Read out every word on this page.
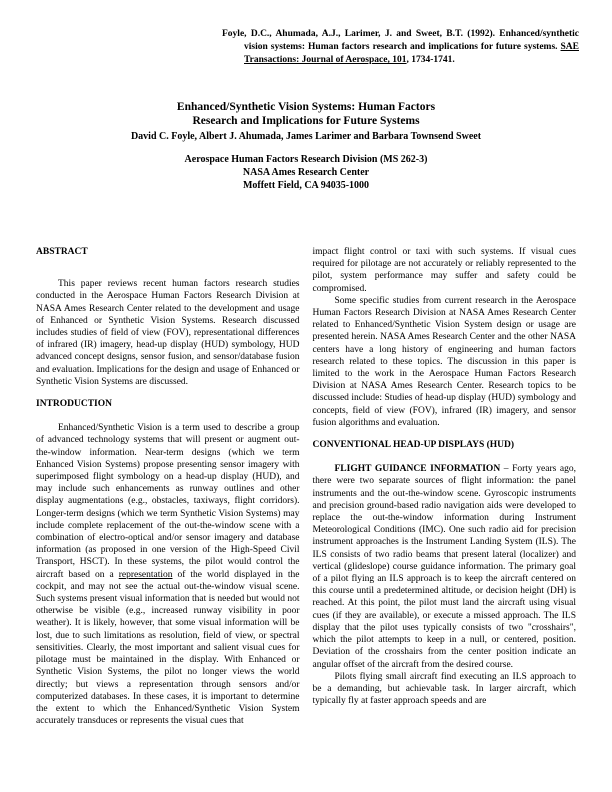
Foyle, D.C., Ahumada, A.J., Larimer, J. and Sweet, B.T. (1992). Enhanced/synthetic vision systems: Human factors research and implications for future systems. SAE Transactions: Journal of Aerospace, 101, 1734-1741.
Enhanced/Synthetic Vision Systems: Human Factors
Research and Implications for Future Systems
David C. Foyle, Albert J. Ahumada, James Larimer and Barbara Townsend Sweet
Aerospace Human Factors Research Division (MS 262-3)
NASA Ames Research Center
Moffett Field, CA 94035-1000
ABSTRACT

This paper reviews recent human factors research studies conducted in the Aerospace Human Factors Research Division at NASA Ames Research Center related to the development and usage of Enhanced or Synthetic Vision Systems. Research discussed includes studies of field of view (FOV), representational differences of infrared (IR) imagery, head-up display (HUD) symbology, HUD advanced concept designs, sensor fusion, and sensor/database fusion and evaluation. Implications for the design and usage of Enhanced or Synthetic Vision Systems are discussed.

INTRODUCTION

Enhanced/Synthetic Vision is a term used to describe a group of advanced technology systems that will present or augment out-the-window information. Near-term designs (which we term Enhanced Vision Systems) propose presenting sensor imagery with superimposed flight symbology on a head-up display (HUD), and may include such enhancements as runway outlines and other display augmentations (e.g., obstacles, taxiways, flight corridors). Longer-term designs (which we term Synthetic Vision Systems) may include complete replacement of the out-the-window scene with a combination of electro-optical and/or sensor imagery and database information (as proposed in one version of the High-Speed Civil Transport, HSCT). In these systems, the pilot would control the aircraft based on a representation of the world displayed in the cockpit, and may not see the actual out-the-window visual scene. Such systems present visual information that is needed but would not otherwise be visible (e.g., increased runway visibility in poor weather). It is likely, however, that some visual information will be lost, due to such limitations as resolution, field of view, or spectral sensitivities. Clearly, the most important and salient visual cues for pilotage must be maintained in the display. With Enhanced or Synthetic Vision Systems, the pilot no longer views the world directly; but views a representation through sensors and/or computerized databases. In these cases, it is important to determine the extent to which the Enhanced/Synthetic Vision System accurately transduces or represents the visual cues that

impact flight control or taxi with such systems. If visual cues required for pilotage are not accurately or reliably represented to the pilot, system performance may suffer and safety could be compromised.

Some specific studies from current research in the Aerospace Human Factors Research Division at NASA Ames Research Center related to Enhanced/Synthetic Vision System design or usage are presented herein. NASA Ames Research Center and the other NASA centers have a long history of engineering and human factors research related to these topics. The discussion in this paper is limited to the work in the Aerospace Human Factors Research Division at NASA Ames Research Center. Research topics to be discussed include: Studies of head-up display (HUD) symbology and concepts, field of view (FOV), infrared (IR) imagery, and sensor fusion algorithms and evaluation.

CONVENTIONAL HEAD-UP DISPLAYS (HUD)

FLIGHT GUIDANCE INFORMATION – Forty years ago, there were two separate sources of flight information: the panel instruments and the out-the-window scene. Gyroscopic instruments and precision ground-based radio navigation aids were developed to replace the out-the-window information during Instrument Meteorological Conditions (IMC). One such radio aid for precision instrument approaches is the Instrument Landing System (ILS). The ILS consists of two radio beams that present lateral (localizer) and vertical (glideslope) course guidance information. The primary goal of a pilot flying an ILS approach is to keep the aircraft centered on this course until a predetermined altitude, or decision height (DH) is reached. At this point, the pilot must land the aircraft using visual cues (if they are available), or execute a missed approach. The ILS display that the pilot uses typically consists of two "crosshairs", which the pilot attempts to keep in a null, or centered, position. Deviation of the crosshairs from the center position indicate an angular offset of the aircraft from the desired course.

Pilots flying small aircraft find executing an ILS approach to be a demanding, but achievable task. In larger aircraft, which typically fly at faster approach speeds and are
